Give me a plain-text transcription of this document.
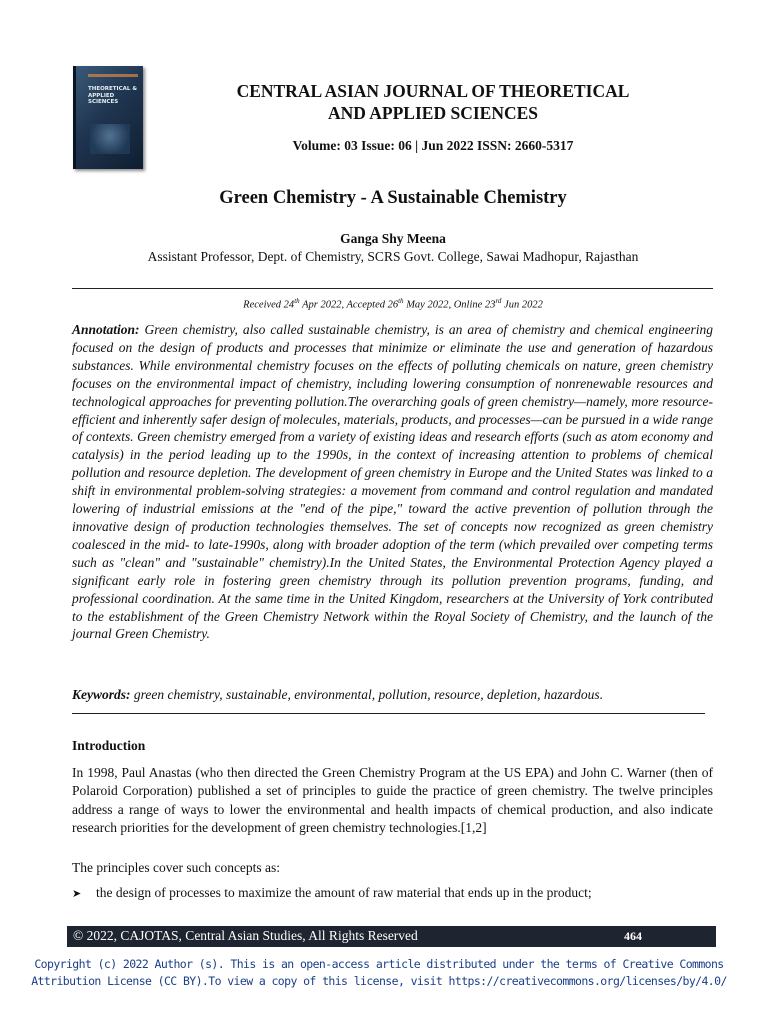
THEORETICAL & APPLIED SCIENCES
CENTRAL ASIAN JOURNAL OF THEORETICAL
AND APPLIED SCIENCES
Volume: 03 Issue: 06 | Jun 2022 ISSN: 2660-5317
Green Chemistry - A Sustainable Chemistry
Ganga Shy Meena
Assistant Professor, Dept. of Chemistry, SCRS Govt. College, Sawai Madhopur, Rajasthan
Received 24th Apr 2022, Accepted 26th May 2022, Online 23rd Jun 2022
Annotation: Green chemistry, also called sustainable chemistry, is an area of chemistry and chemical engineering focused on the design of products and processes that minimize or eliminate the use and generation of hazardous substances. While environmental chemistry focuses on the effects of polluting chemicals on nature, green chemistry focuses on the environmental impact of chemistry, including lowering consumption of nonrenewable resources and technological approaches for preventing pollution.The overarching goals of green chemistry—namely, more resource-efficient and inherently safer design of molecules, materials, products, and processes—can be pursued in a wide range of contexts. Green chemistry emerged from a variety of existing ideas and research efforts (such as atom economy and catalysis) in the period leading up to the 1990s, in the context of increasing attention to problems of chemical pollution and resource depletion. The development of green chemistry in Europe and the United States was linked to a shift in environmental problem-solving strategies: a movement from command and control regulation and mandated lowering of industrial emissions at the "end of the pipe," toward the active prevention of pollution through the innovative design of production technologies themselves. The set of concepts now recognized as green chemistry coalesced in the mid- to late-1990s, along with broader adoption of the term (which prevailed over competing terms such as "clean" and "sustainable" chemistry).In the United States, the Environmental Protection Agency played a significant early role in fostering green chemistry through its pollution prevention programs, funding, and professional coordination. At the same time in the United Kingdom, researchers at the University of York contributed to the establishment of the Green Chemistry Network within the Royal Society of Chemistry, and the launch of the journal Green Chemistry.
Keywords: green chemistry, sustainable, environmental, pollution, resource, depletion, hazardous.
Introduction
In 1998, Paul Anastas (who then directed the Green Chemistry Program at the US EPA) and John C. Warner (then of Polaroid Corporation) published a set of principles to guide the practice of green chemistry. The twelve principles address a range of ways to lower the environmental and health impacts of chemical production, and also indicate research priorities for the development of green chemistry technologies.[1,2]
The principles cover such concepts as:
➤ the design of processes to maximize the amount of raw material that ends up in the product;
© 2022, CAJOTAS, Central Asian Studies, All Rights Reserved	464
Copyright (c) 2022 Author (s). This is an open-access article distributed under the terms of Creative Commons
Attribution License (CC BY).To view a copy of this license, visit https://creativecommons.org/licenses/by/4.0/
